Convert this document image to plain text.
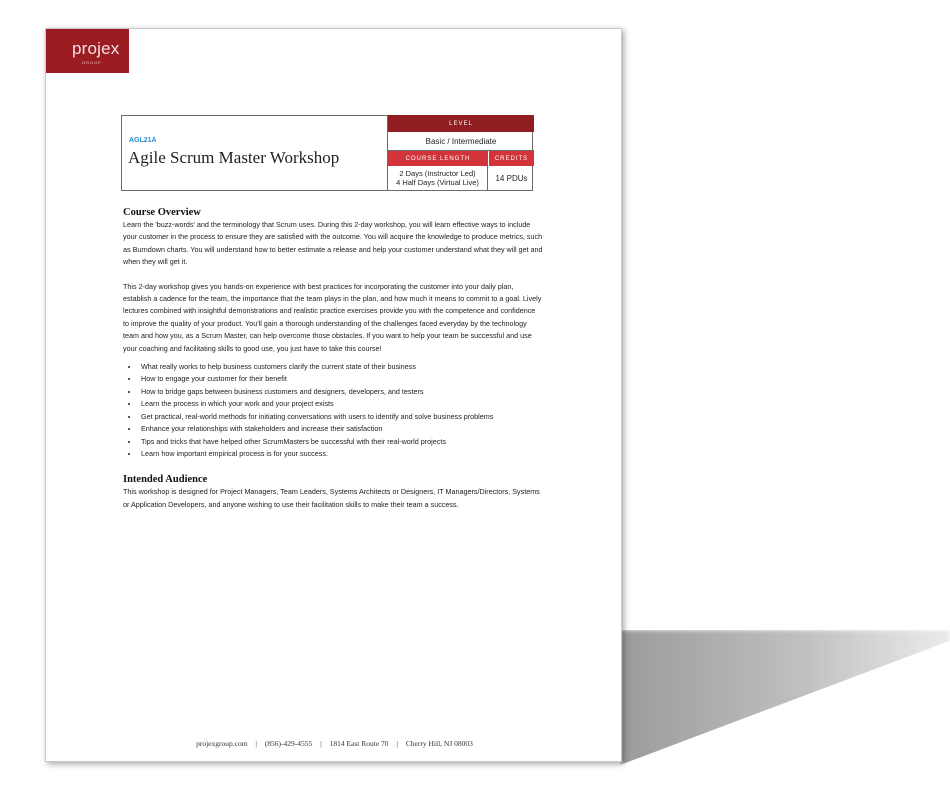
projex
GROUP
AGL21A
Agile Scrum Master Workshop
LEVEL
Basic / Intermediate
COURSE LENGTH	CREDITS
2 Days (Instructor Led)
4 Half Days (Virtual Live)	14 PDUs
Course Overview

Learn the 'buzz-words' and the terminology that Scrum uses. During this 2-day workshop, you will learn effective ways to include your customer in the process to ensure they are satisfied with the outcome. You will acquire the knowledge to produce metrics, such as Burndown charts. You will understand how to better estimate a release and help your customer understand what they will get and when they will get it.

This 2-day workshop gives you hands-on experience with best practices for incorporating the customer into your daily plan, establish a cadence for the team, the importance that the team plays in the plan, and how much it means to commit to a goal. Lively lectures combined with insightful demonstrations and realistic practice exercises provide you with the competence and confidence to improve the quality of your product. You'll gain a thorough understanding of the challenges faced everyday by the technology team and how you, as a Scrum Master, can help overcome those obstacles. If you want to help your team be successful and use your coaching and facilitating skills to good use, you just have to take this course!

• What really works to help business customers clarify the current state of their business
• How to engage your customer for their benefit
• How to bridge gaps between business customers and designers, developers, and testers
• Learn the process in which your work and your project exists
• Get practical, real-world methods for initiating conversations with users to identify and solve business problems
• Enhance your relationships with stakeholders and increase their satisfaction
• Tips and tricks that have helped other ScrumMasters be successful with their real-world projects
• Learn how important empirical process is for your success.
Intended Audience

This workshop is designed for Project Managers, Team Leaders, Systems Architects or Designers, IT Managers/Directors, Systems or Application Developers, and anyone wishing to use their facilitation skills to make their team a success.

projexgroup.com | (856)-429-4555 | 1814 East Route 70 | Cherry Hill, NJ 08003
